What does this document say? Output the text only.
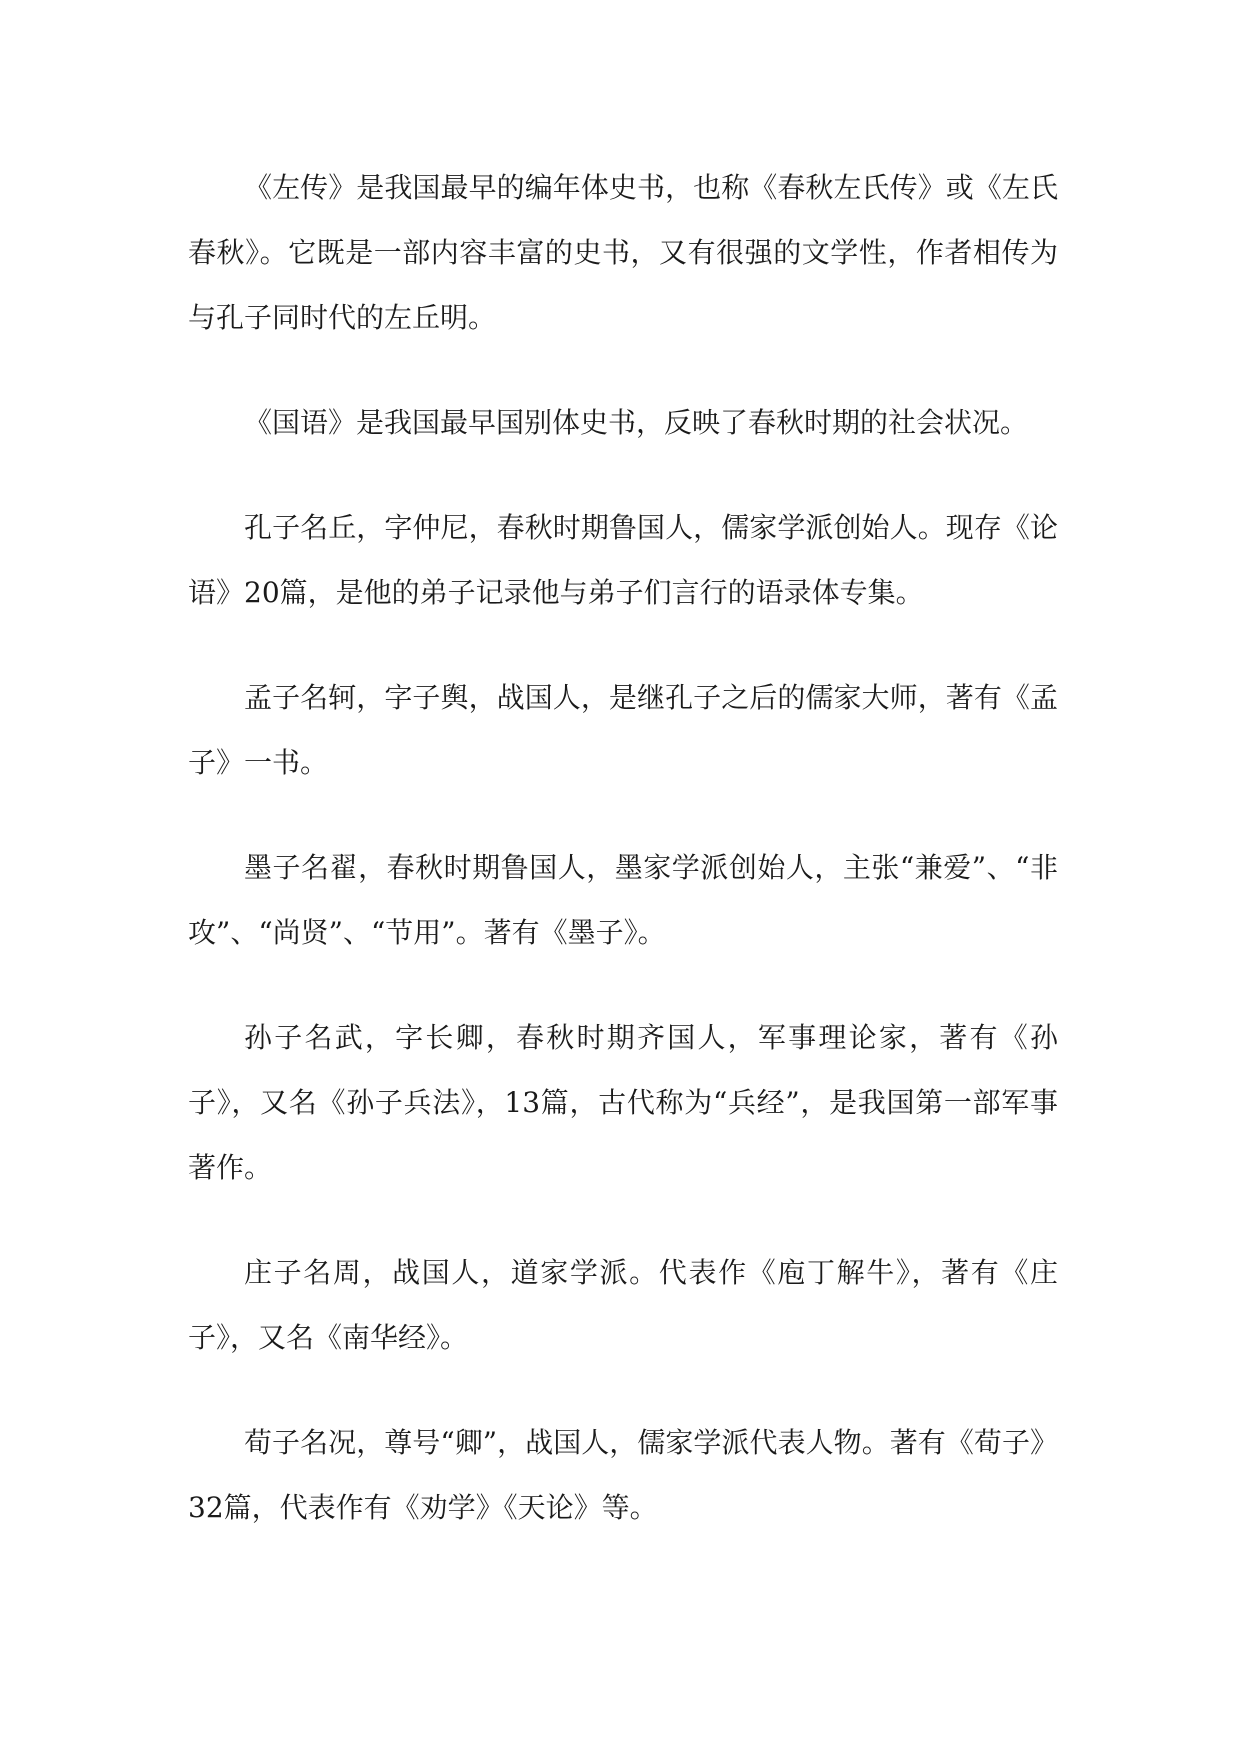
《左传》是我国最早的编年体史书，也称《春秋左氏传》或《左氏春秋》。它既是一部内容丰富的史书，又有很强的文学性，作者相传为与孔子同时代的左丘明。

《国语》是我国最早国别体史书，反映了春秋时期的社会状况。

孔子名丘，字仲尼，春秋时期鲁国人，儒家学派创始人。现存《论语》20篇，是他的弟子记录他与弟子们言行的语录体专集。

孟子名轲，字子舆，战国人，是继孔子之后的儒家大师，著有《孟子》一书。

墨子名翟，春秋时期鲁国人，墨家学派创始人，主张“兼爱”、“非攻”、“尚贤”、“节用”。著有《墨子》。

孙子名武，字长卿，春秋时期齐国人，军事理论家，著有《孙子》，又名《孙子兵法》，13篇，古代称为“兵经”，是我国第一部军事著作。

庄子名周，战国人，道家学派。代表作《庖丁解牛》，著有《庄子》，又名《南华经》。

荀子名况，尊号“卿”，战国人，儒家学派代表人物。著有《荀子》32篇，代表作有《劝学》《天论》等。
